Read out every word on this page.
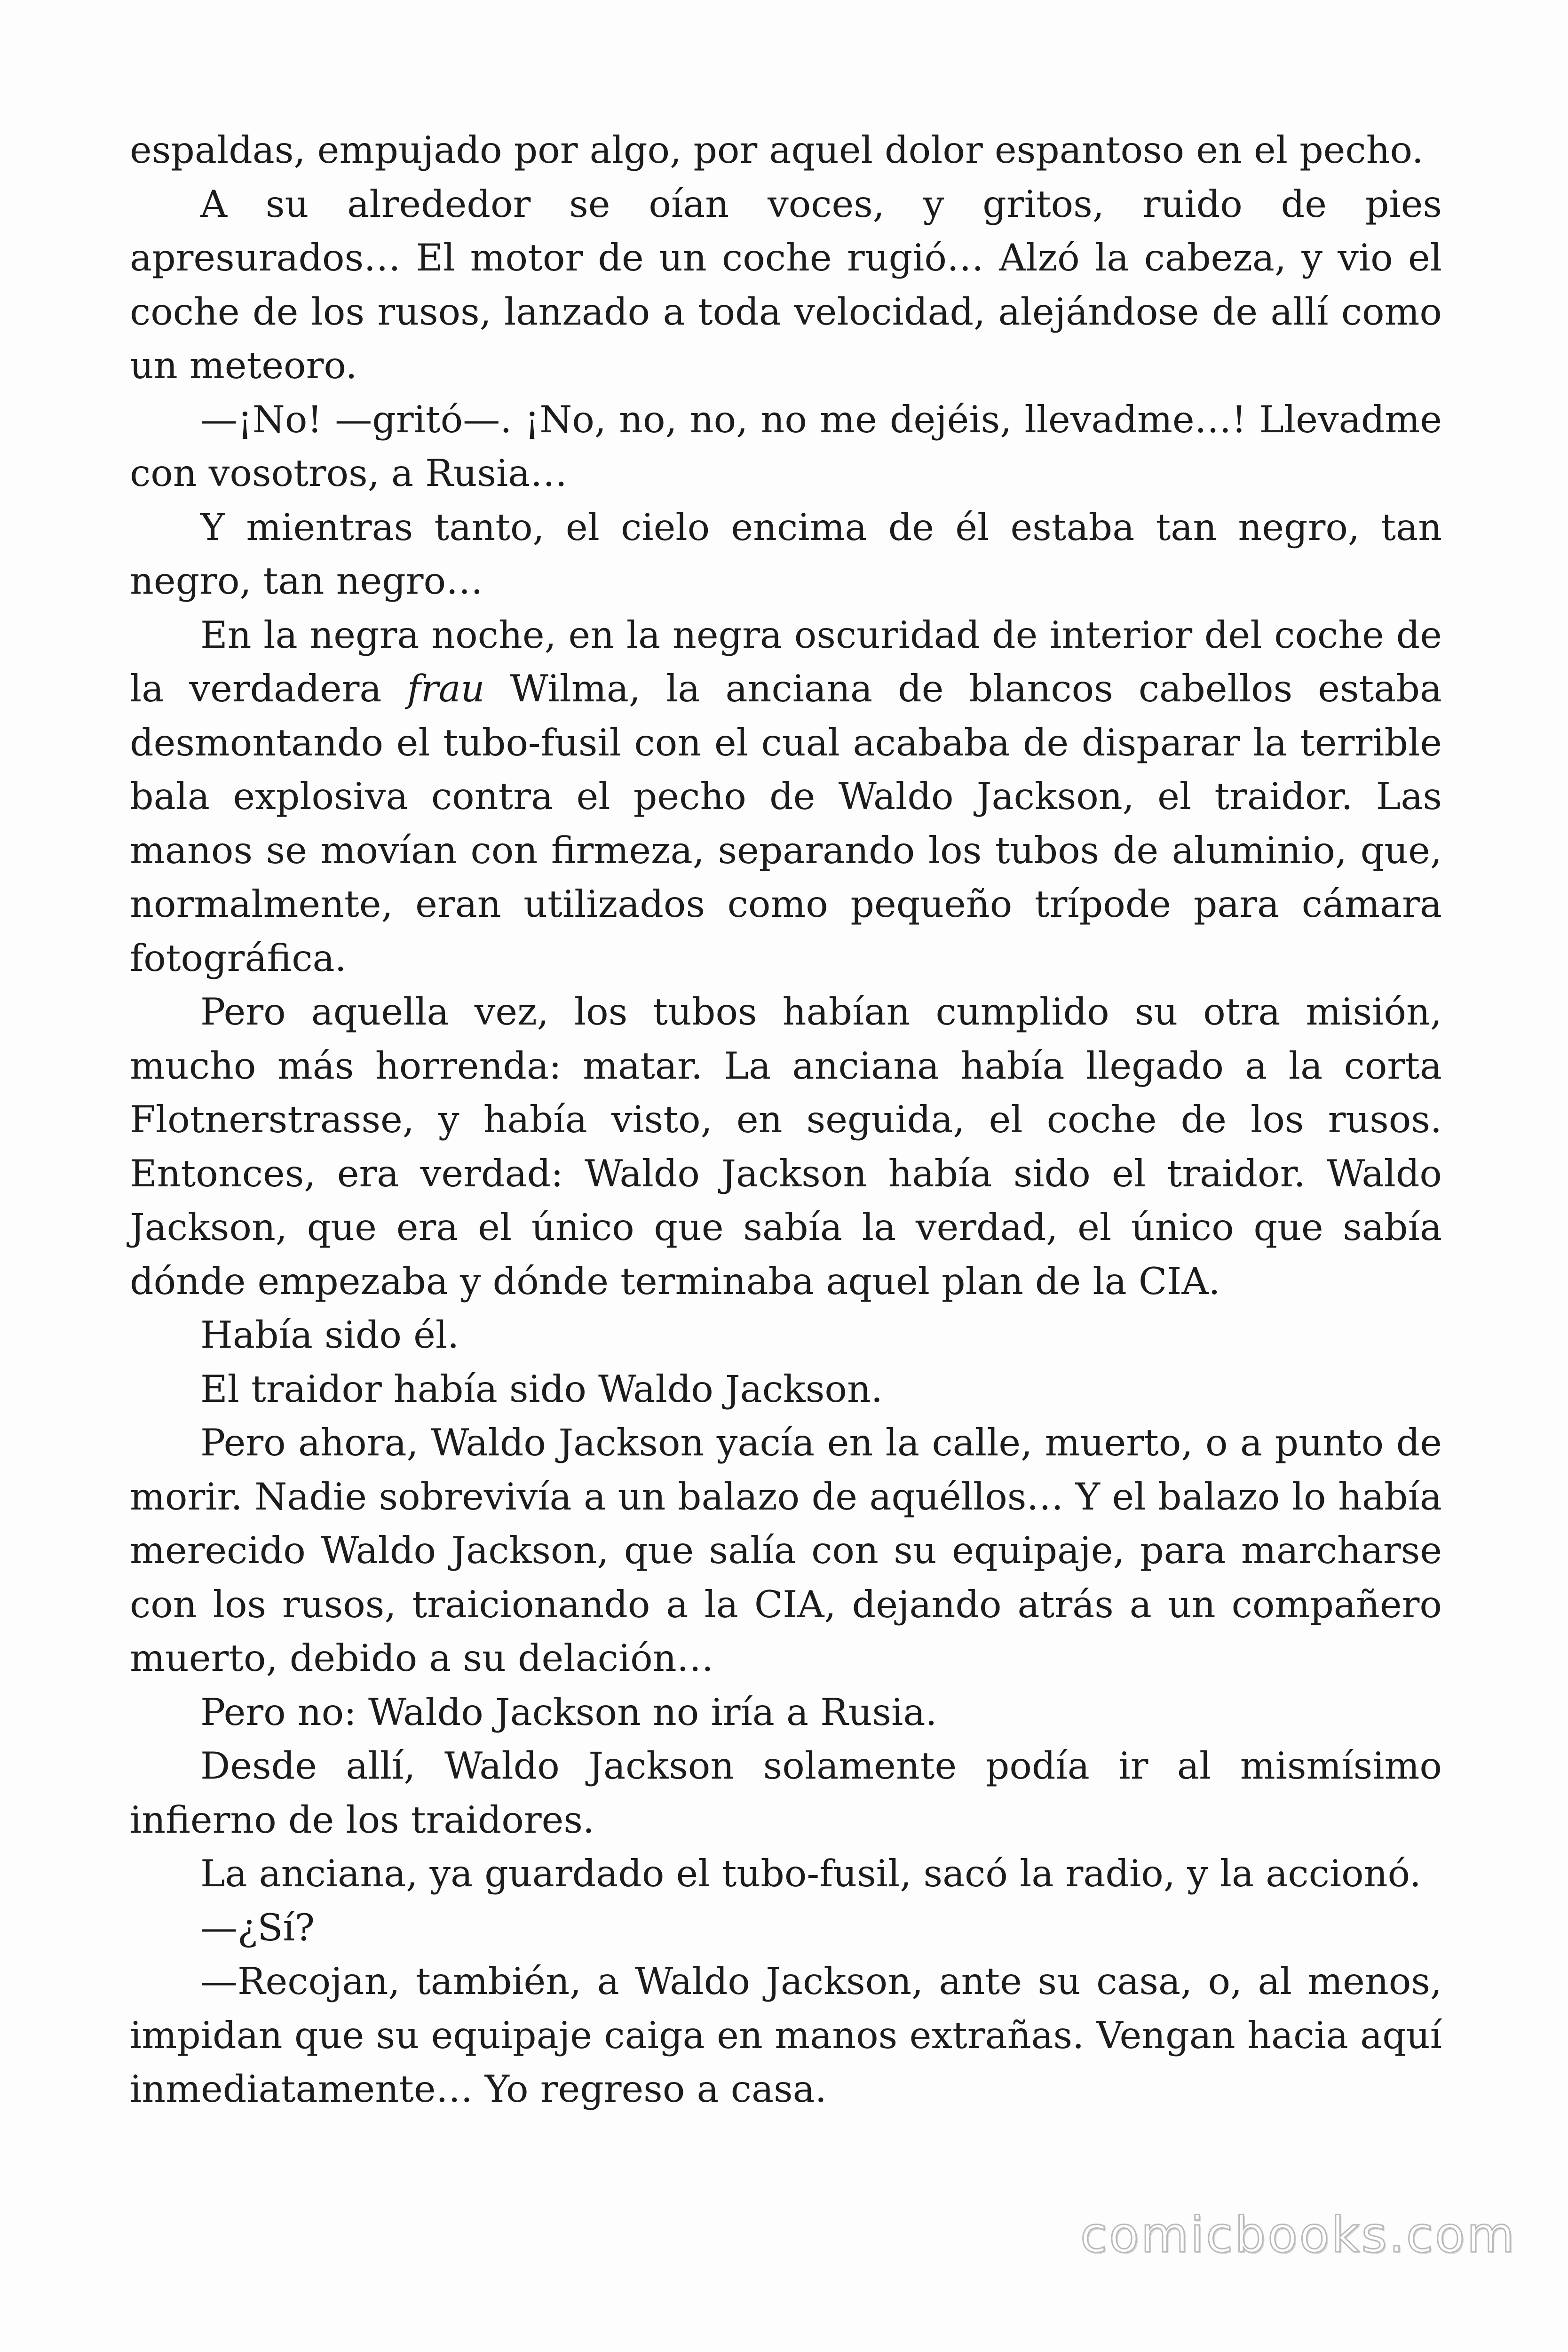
espaldas, empujado por algo, por aquel dolor espantoso en el pecho.

A su alrededor se oían voces, y gritos, ruido de pies apresurados… El motor de un coche rugió… Alzó la cabeza, y vio el coche de los rusos, lanzado a toda velocidad, alejándose de allí como un meteoro.

—¡No! —gritó—. ¡No, no, no, no me dejéis, llevadme…! Llevadme con vosotros, a Rusia…

Y mientras tanto, el cielo encima de él estaba tan negro, tan negro, tan negro…

En la negra noche, en la negra oscuridad de interior del coche de la verdadera frau Wilma, la anciana de blancos cabellos estaba desmontando el tubo-fusil con el cual acababa de disparar la terrible bala explosiva contra el pecho de Waldo Jackson, el traidor. Las manos se movían con firmeza, separando los tubos de aluminio, que, normalmente, eran utilizados como pequeño trípode para cámara fotográfica.

Pero aquella vez, los tubos habían cumplido su otra misión, mucho más horrenda: matar. La anciana había llegado a la corta Flotnerstrasse, y había visto, en seguida, el coche de los rusos. Entonces, era verdad: Waldo Jackson había sido el traidor. Waldo Jackson, que era el único que sabía la verdad, el único que sabía dónde empezaba y dónde terminaba aquel plan de la CIA.

Había sido él.

El traidor había sido Waldo Jackson.

Pero ahora, Waldo Jackson yacía en la calle, muerto, o a punto de morir. Nadie sobrevivía a un balazo de aquéllos… Y el balazo lo había merecido Waldo Jackson, que salía con su equipaje, para marcharse con los rusos, traicionando a la CIA, dejando atrás a un compañero muerto, debido a su delación…

Pero no: Waldo Jackson no iría a Rusia.

Desde allí, Waldo Jackson solamente podía ir al mismísimo infierno de los traidores.

La anciana, ya guardado el tubo-fusil, sacó la radio, y la accionó.

—¿Sí?

—Recojan, también, a Waldo Jackson, ante su casa, o, al menos, impidan que su equipaje caiga en manos extrañas. Vengan hacia aquí inmediatamente… Yo regreso a casa.

comicbooks.com
